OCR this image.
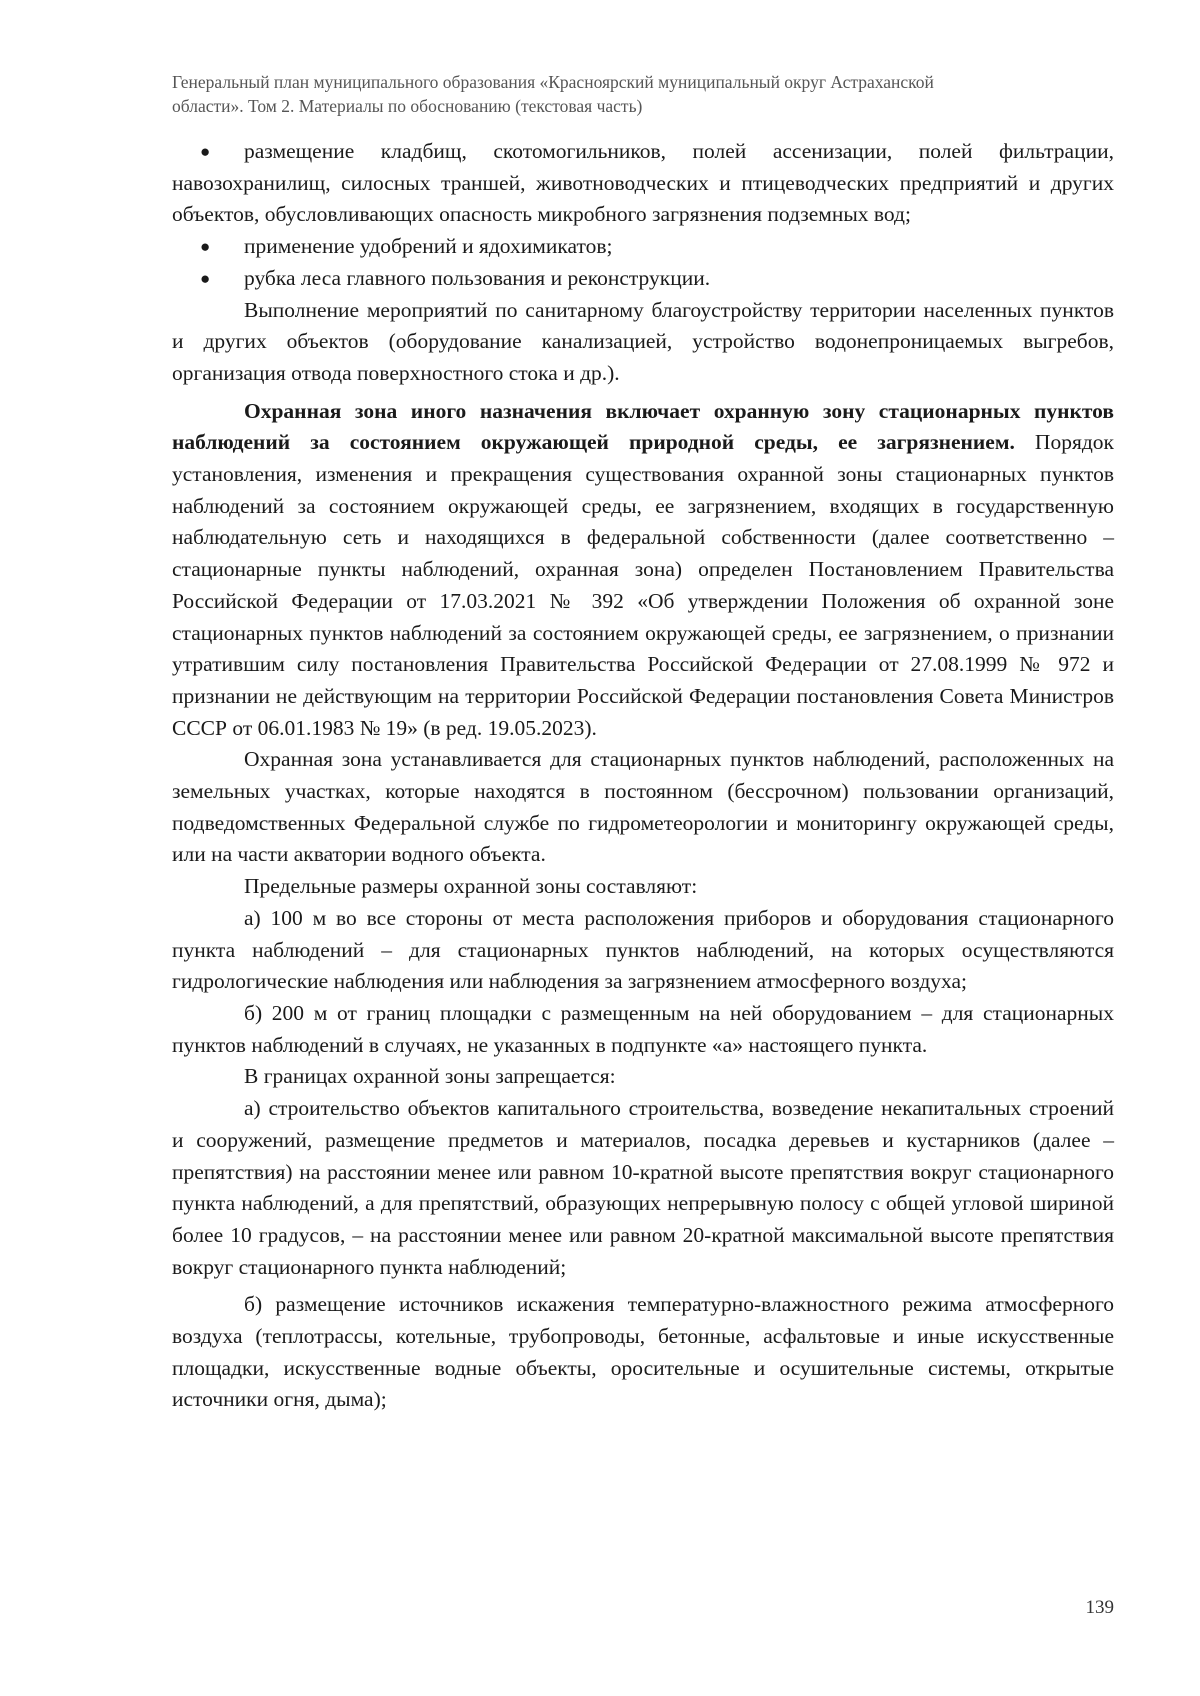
Генеральный план муниципального образования «Красноярский муниципальный округ Астраханской
области». Том 2. Материалы по обоснованию (текстовая часть)

● размещение кладбищ, скотомогильников, полей ассенизации, полей фильтрации, навозохранилищ, силосных траншей, животноводческих и птицеводческих предприятий и других объектов, обусловливающих опасность микробного загрязнения подземных вод;

● применение удобрений и ядохимикатов;

● рубка леса главного пользования и реконструкции.

Выполнение мероприятий по санитарному благоустройству территории населенных пунктов и других объектов (оборудование канализацией, устройство водонепроницаемых выгребов, организация отвода поверхностного стока и др.).

Охранная зона иного назначения включает охранную зону стационарных пунктов наблюдений за состоянием окружающей природной среды, ее загрязнением. Порядок установления, изменения и прекращения существования охранной зоны стационарных пунктов наблюдений за состоянием окружающей среды, ее загрязнением, входящих в государственную наблюдательную сеть и находящихся в федеральной собственности (далее соответственно – стационарные пункты наблюдений, охранная зона) определен Постановлением Правительства Российской Федерации от 17.03.2021 № 392 «Об утверждении Положения об охранной зоне стационарных пунктов наблюдений за состоянием окружающей среды, ее загрязнением, о признании утратившим силу постановления Правительства Российской Федерации от 27.08.1999 № 972 и признании не действующим на территории Российской Федерации постановления Совета Министров СССР от 06.01.1983 № 19» (в ред. 19.05.2023).

Охранная зона устанавливается для стационарных пунктов наблюдений, расположенных на земельных участках, которые находятся в постоянном (бессрочном) пользовании организаций, подведомственных Федеральной службе по гидрометеорологии и мониторингу окружающей среды, или на части акватории водного объекта.

Предельные размеры охранной зоны составляют:

а) 100 м во все стороны от места расположения приборов и оборудования стационарного пункта наблюдений – для стационарных пунктов наблюдений, на которых осуществляются гидрологические наблюдения или наблюдения за загрязнением атмосферного воздуха;

б) 200 м от границ площадки с размещенным на ней оборудованием – для стационарных пунктов наблюдений в случаях, не указанных в подпункте «а» настоящего пункта.

В границах охранной зоны запрещается:

а) строительство объектов капитального строительства, возведение некапитальных строений и сооружений, размещение предметов и материалов, посадка деревьев и кустарников (далее – препятствия) на расстоянии менее или равном 10-кратной высоте препятствия вокруг стационарного пункта наблюдений, а для препятствий, образующих непрерывную полосу с общей угловой шириной более 10 градусов, – на расстоянии менее или равном 20-кратной максимальной высоте препятствия вокруг стационарного пункта наблюдений;

б) размещение источников искажения температурно-влажностного режима атмосферного воздуха (теплотрассы, котельные, трубопроводы, бетонные, асфальтовые и иные искусственные площадки, искусственные водные объекты, оросительные и осушительные системы, открытые источники огня, дыма);

139
